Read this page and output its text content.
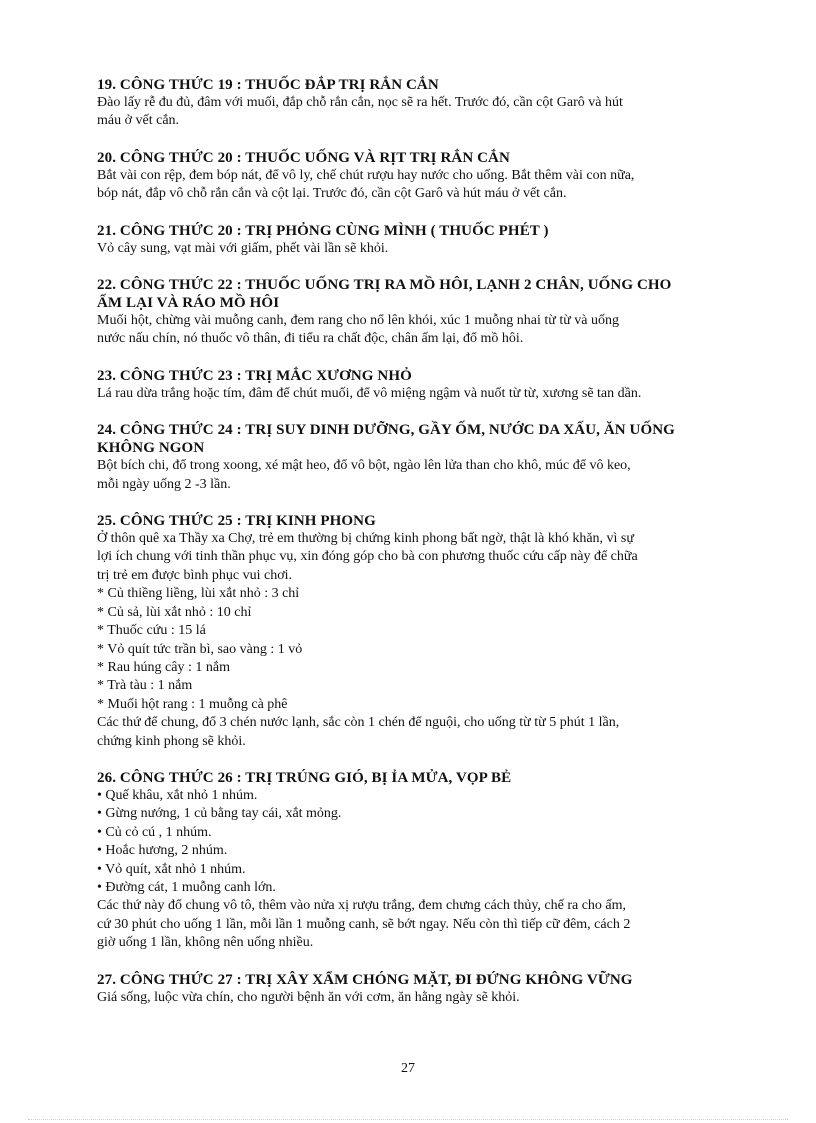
19. CÔNG THỨC 19 : THUỐC ĐẮP TRỊ RẮN CẮN

Đào lấy rễ đu đủ, đâm với muối, đắp chỗ rắn cắn, nọc sẽ ra hết. Trước đó, cần cột Garô và hút

máu ở vết cắn.

20. CÔNG THỨC 20 : THUỐC UỐNG VÀ RỊT TRỊ RẮN CẮN

Bắt vài con rệp, đem bóp nát, để vô ly, chế chút rượu hay nước cho uống. Bắt thêm vài con nữa,

bóp nát, đắp vô chỗ rắn cắn và cột lại. Trước đó, cần cột Garô và hút máu ở vết cắn.

21. CÔNG THỨC 20 : TRỊ PHỎNG CÙNG MÌNH ( THUỐC PHÉT )

Vỏ cây sung, vạt mài với giấm, phết vài lần sẽ khỏi.

22. CÔNG THỨC 22 : THUỐC UỐNG TRỊ RA MỒ HÔI, LẠNH 2 CHÂN, UỐNG CHO

ẤM LẠI VÀ RÁO MỒ HÔI

Muối hột, chừng vài muỗng canh, đem rang cho nổ lên khói, xúc 1 muỗng nhai từ từ và uống

nước nấu chín, nó thuốc vô thân, đi tiểu ra chất độc, chân ấm lại, đổ mồ hôi.

23. CÔNG THỨC 23 : TRỊ MẮC XƯƠNG NHỎ

Lá rau dừa trắng hoặc tím, đâm để chút muối, để vô miệng ngậm và nuốt từ từ, xương sẽ tan dần.

24. CÔNG THỨC 24 : TRỊ SUY DINH DƯỠNG, GẦY ỐM, NƯỚC DA XẤU, ĂN UỐNG

KHÔNG NGON

Bột bích chi, đổ trong xoong, xé mật heo, đổ vô bột, ngào lên lửa than cho khô, múc để vô keo,

mỗi ngày uống 2 -3 lần.

25. CÔNG THỨC 25 : TRỊ KINH PHONG

Ở thôn quê xa Thầy xa Chợ, trẻ em thường bị chứng kinh phong bất ngờ, thật là khó khăn, vì sự

lợi ích chung với tinh thần phục vụ, xin đóng góp cho bà con phương thuốc cứu cấp này để chữa

trị trẻ em được bình phục vui chơi.

* Củ thiềng liềng, lùi xắt nhỏ : 3 chỉ

* Củ sả, lùi xắt nhỏ : 10 chỉ

* Thuốc cứu : 15 lá

* Vỏ quít tức trần bì, sao vàng : 1 vỏ

* Rau húng cây : 1 nắm

* Trà tàu : 1 nắm

* Muối hột rang : 1 muỗng cà phê

Các thứ để chung, đổ 3 chén nước lạnh, sắc còn 1 chén để nguội, cho uống từ từ 5 phút 1 lần,

chứng kinh phong sẽ khỏi.

26. CÔNG THỨC 26 : TRỊ TRÚNG GIÓ, BỊ ỈA MỬA, VỌP BẺ

• Quế khâu, xắt nhỏ 1 nhúm.

• Gừng nướng, 1 củ bằng tay cái, xắt mỏng.

• Củ cỏ cú , 1 nhúm.

• Hoắc hương, 2 nhúm.

• Vỏ quít, xắt nhỏ 1 nhúm.

• Đường cát, 1 muỗng canh lớn.

Các thứ này đổ chung vô tô, thêm vào nửa xị rượu trắng, đem chưng cách thủy, chế ra cho ấm,

cứ 30 phút cho uống 1 lần, mỗi lần 1 muỗng canh, sẽ bớt ngay. Nếu còn thì tiếp cữ đêm, cách 2

giờ uống 1 lần, không nên uống nhiều.

27. CÔNG THỨC 27 : TRỊ XÂY XẨM CHÓNG MẶT, ĐI ĐỨNG KHÔNG VỮNG

Giá sống, luộc vừa chín, cho người bệnh ăn với cơm, ăn hằng ngày sẽ khỏi.

27
